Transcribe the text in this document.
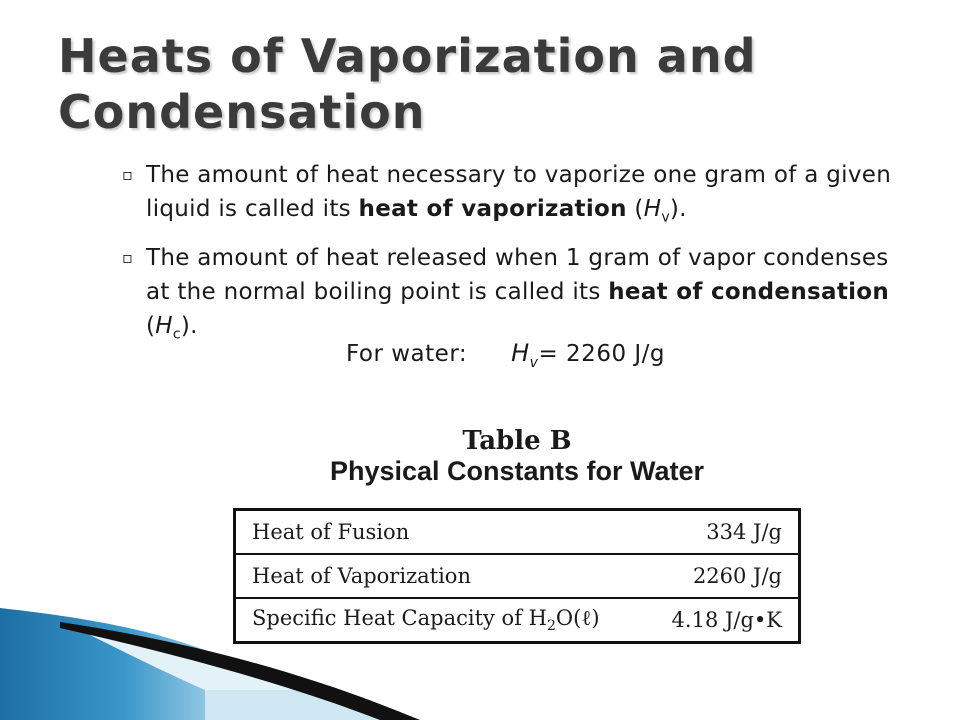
Heats of Vaporization and Condensation
▫ The amount of heat necessary to vaporize one gram of a given liquid is called its heat of vaporization $(H_v)$.
▫ The amount of heat released when 1 gram of vapor condenses at the normal boiling point is called its heat of condensation $(H_c)$.
For water: $H_v= 2260$ J/g
Table B
Physical Constants for Water
Heat of Fusion	334 J/g
Heat of Vaporization	2260 J/g
Specific Heat Capacity of $H_2O(\ell)$	4.18 J/g•K
